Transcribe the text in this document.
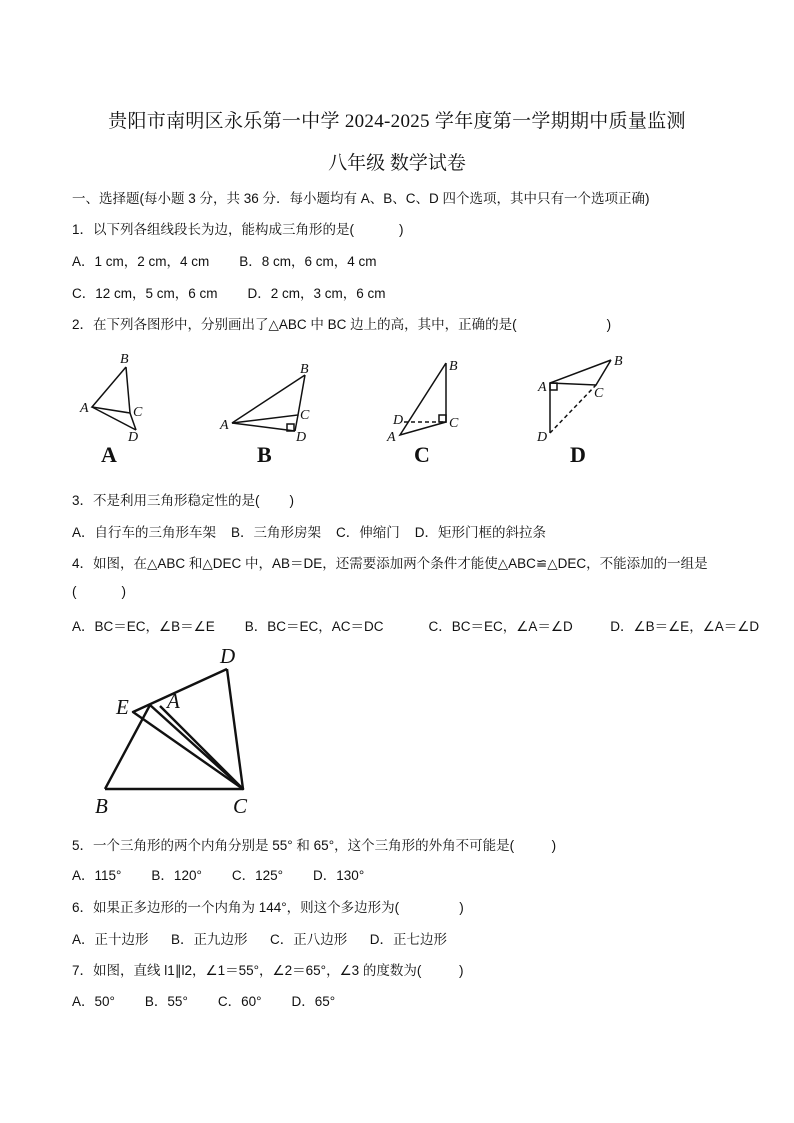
贵阳市南明区永乐第一中学 2024-2025 学年度第一学期期中质量监测
八年级 数学试卷
一、选择题(每小题 3 分，共 36 分．每小题均有 A、B、C、D 四个选项，其中只有一个选项正确)
1．以下列各组线段长为边，能构成三角形的是(            )
A．1 cm，2 cm，4 cm        B．8 cm，6 cm，4 cm
C．12 cm，5 cm，6 cm        D．2 cm，3 cm，6 cm
2．在下列各图形中，分别画出了△ABC 中 BC 边上的高，其中，正确的是(                        )
B
A	C
D
B
A
C
D
B
D	C
A
B
A	C
D
A	B	C	D
3．不是利用三角形稳定性的是(        )
A．自行车的三角形车架    B．三角形房架    C．伸缩门    D．矩形门框的斜拉条
4．如图，在△ABC 和△DEC 中，AB＝DE，还需要添加两个条件才能使△ABC≌△DEC，不能添加的一组是
(            )
A．BC＝EC，∠B＝∠E        B．BC＝EC，AC＝DC            C．BC＝EC，∠A＝∠D          D．∠B＝∠E，∠A＝∠D
D
E A
B	C
5．一个三角形的两个内角分别是 55° 和 65°，这个三角形的外角不可能是(          )
A．115°        B．120°        C．125°        D．130°
6．如果正多边形的一个内角为 144°，则这个多边形为(                )
A．正十边形      B．正九边形      C．正八边形      D．正七边形
7．如图，直线 l1∥l2，∠1＝55°，∠2＝65°，∠3 的度数为(          )
A．50°        B．55°        C．60°        D．65°
